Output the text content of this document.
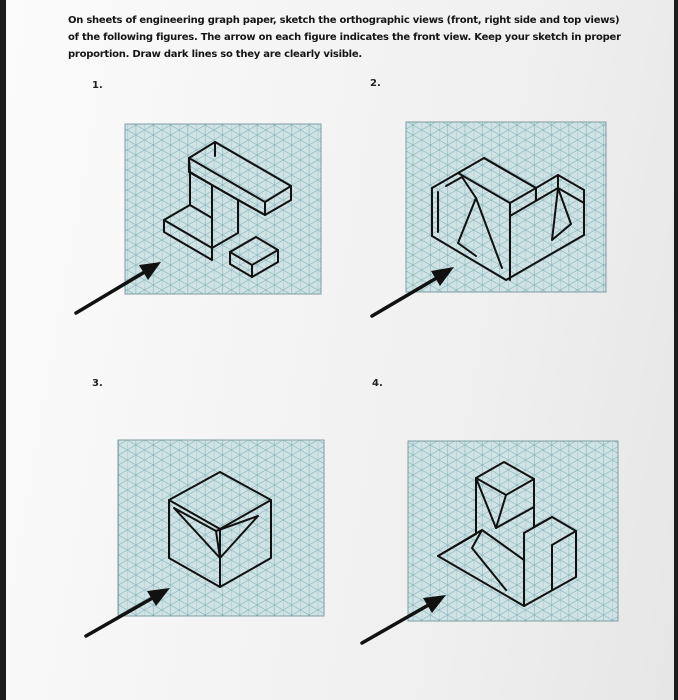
On sheets of engineering graph paper, sketch the orthographic views (front, right side and top views) of the following figures. The arrow on each figure indicates the front view. Keep your sketch in proper proportion. Draw dark lines so they are clearly visible.

1.	2.
3.	4.
